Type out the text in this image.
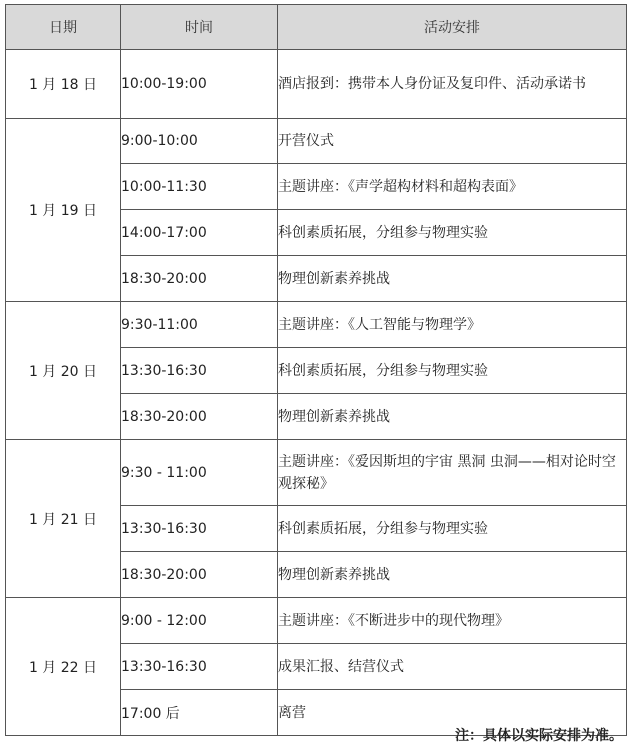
日期	时间	活动安排
1 月 18 日	10:00-19:00	酒店报到：携带本人身份证及复印件、活动承诺书
1 月 19 日	9:00-10:00	开营仪式
	10:00-11:30	主题讲座：《声学超构材料和超构表面》
	14:00-17:00	科创素质拓展，分组参与物理实验
	18:30-20:00	物理创新素养挑战
1 月 20 日	9:30-11:00	主题讲座：《人工智能与物理学》
	13:30-16:30	科创素质拓展，分组参与物理实验
	18:30-20:00	物理创新素养挑战
1 月 21 日	9:30 - 11:00	主题讲座：《爱因斯坦的宇宙 黑洞 虫洞——相对论时空观探秘》
	13:30-16:30	科创素质拓展，分组参与物理实验
	18:30-20:00	物理创新素养挑战
1 月 22 日	9:00 - 12:00	主题讲座：《不断进步中的现代物理》
	13:30-16:30	成果汇报、结营仪式
	17:00 后	离营
注：具体以实际安排为准。
